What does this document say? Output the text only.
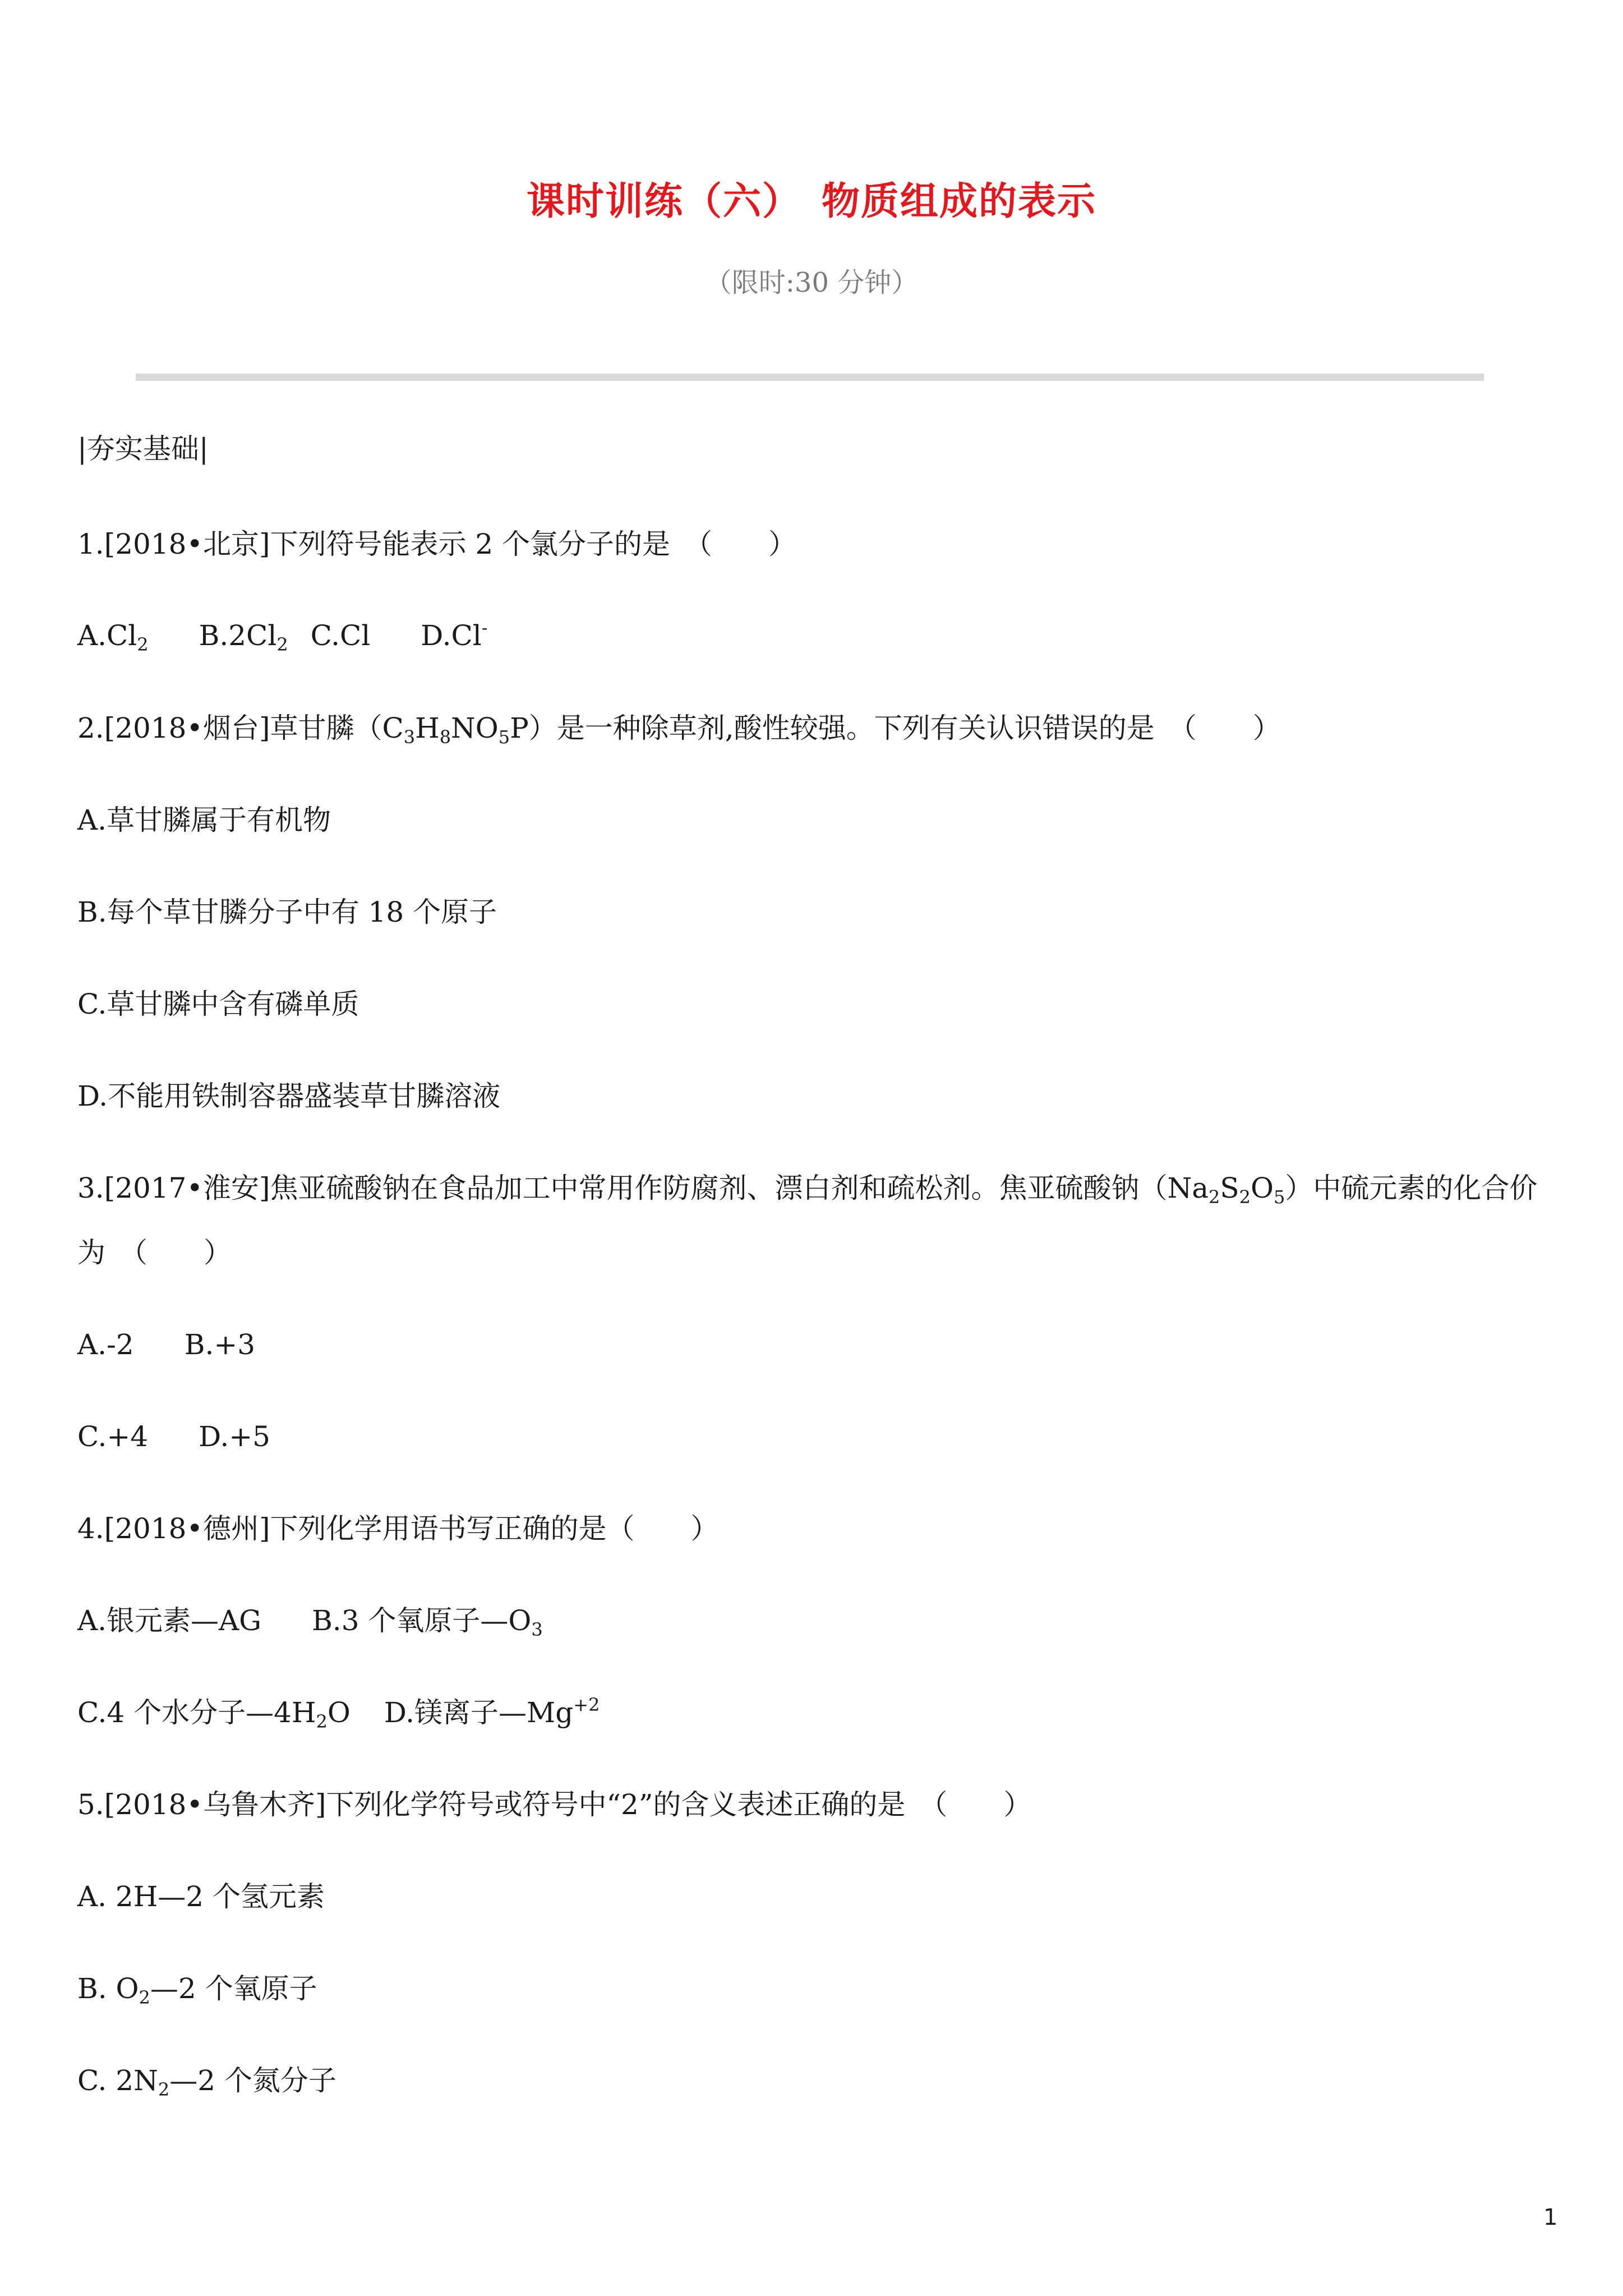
课时训练（六）　物质组成的表示
（限时:30 分钟）
|夯实基础|
1.[2018•北京]下列符号能表示 2 个氯分子的是　（　　）
$A.Cl_2$ $B.2Cl_2$ C.Cl D.Cl-
2.[2018•烟台]草甘膦$(C_3H_8NO_5P)$是一种除草剂,酸性较强。下列有关认识错误的是　（　　）
A.草甘膦属于有机物
B.每个草甘膦分子中有 18 个原子
C.草甘膦中含有磷单质
D.不能用铁制容器盛装草甘膦溶液
3.[2017•淮安]焦亚硫酸钠在食品加工中常用作防腐剂、漂白剂和疏松剂。焦亚硫酸钠$(Na_2S_2O_5)$中硫元素的化合价
为　（　　）
A.-2 B.+3
C.+4 D.+5
4.[2018•德州]下列化学用语书写正确的是（　　）
A.银元素—AG B.3 个氧原子$—O_3$
C.4 个水分子$—4H_2O$ D.镁离子$—Mg^{+2}$
5.[2018•乌鲁木齐]下列化学符号或符号中“2”的含义表述正确的是　（　　）
A. 2H—2 个氢元素
B. $O_2—2$ 个氧原子
C. $2N_2—2$ 个氮分子
1
